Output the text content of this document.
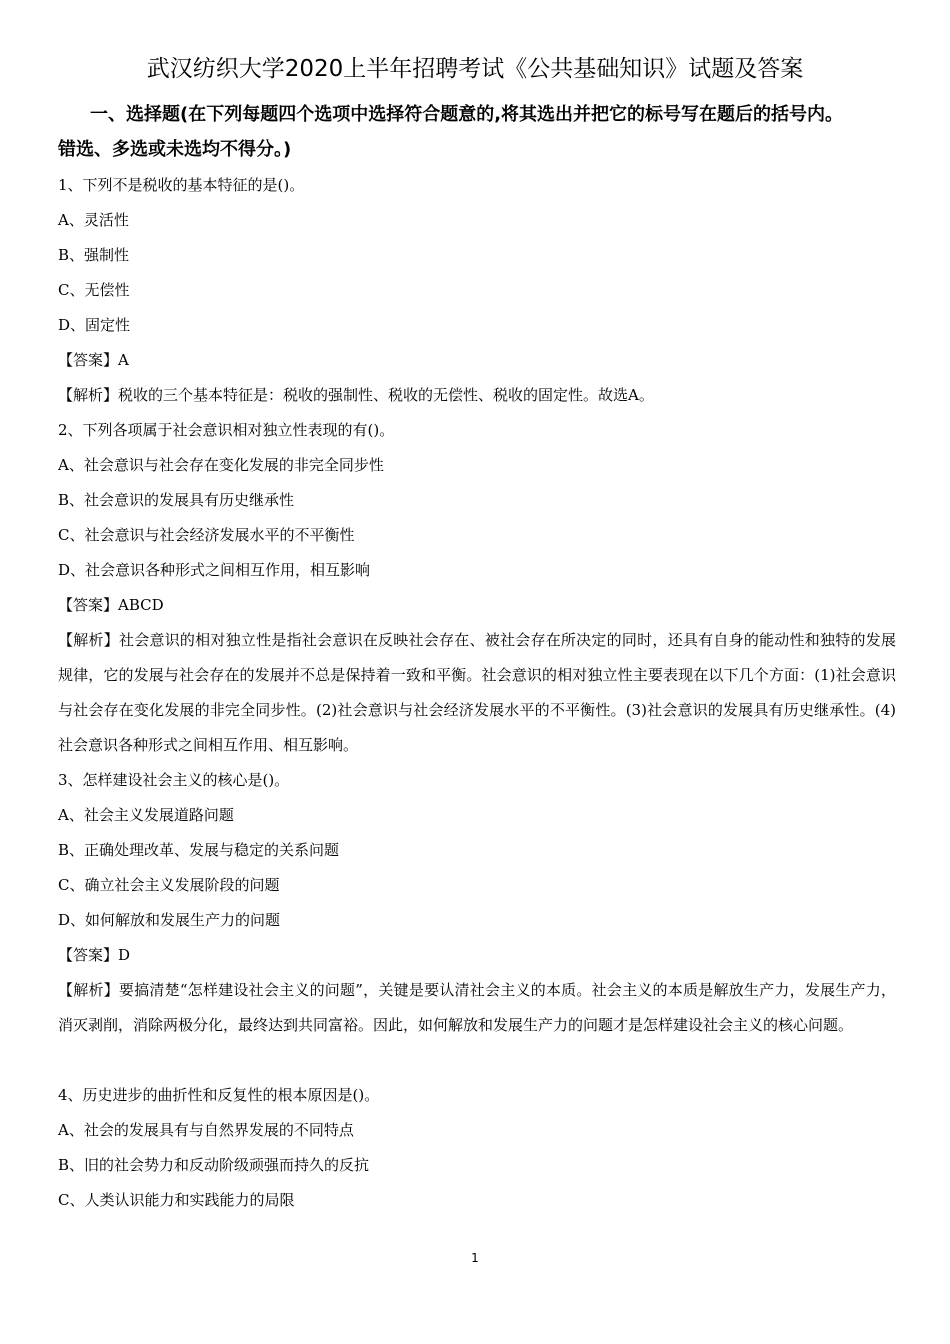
武汉纺织大学2020上半年招聘考试《公共基础知识》试题及答案
一、选择题(在下列每题四个选项中选择符合题意的,将其选出并把它的标号写在题后的括号内。
错选、多选或未选均不得分。)
1、下列不是税收的基本特征的是()。
A、灵活性
B、强制性
C、无偿性
D、固定性
【答案】A
【解析】税收的三个基本特征是：税收的强制性、税收的无偿性、税收的固定性。故选A。
2、下列各项属于社会意识相对独立性表现的有()。
A、社会意识与社会存在变化发展的非完全同步性
B、社会意识的发展具有历史继承性
C、社会意识与社会经济发展水平的不平衡性
D、社会意识各种形式之间相互作用，相互影响
【答案】ABCD
【解析】社会意识的相对独立性是指社会意识在反映社会存在、被社会存在所决定的同时，还具有自身的能动性和独特的发展规律，它的发展与社会存在的发展并不总是保持着一致和平衡。社会意识的相对独立性主要表现在以下几个方面：(1)社会意识与社会存在变化发展的非完全同步性。(2)社会意识与社会经济发展水平的不平衡性。(3)社会意识的发展具有历史继承性。(4)社会意识各种形式之间相互作用、相互影响。
3、怎样建设社会主义的核心是()。
A、社会主义发展道路问题
B、正确处理改革、发展与稳定的关系问题
C、确立社会主义发展阶段的问题
D、如何解放和发展生产力的问题
【答案】D
【解析】要搞清楚“怎样建设社会主义的问题”，关键是要认清社会主义的本质。社会主义的本质是解放生产力，发展生产力，消灭剥削，消除两极分化，最终达到共同富裕。因此，如何解放和发展生产力的问题才是怎样建设社会主义的核心问题。
4、历史进步的曲折性和反复性的根本原因是()。
A、社会的发展具有与自然界发展的不同特点
B、旧的社会势力和反动阶级顽强而持久的反抗
C、人类认识能力和实践能力的局限
1
